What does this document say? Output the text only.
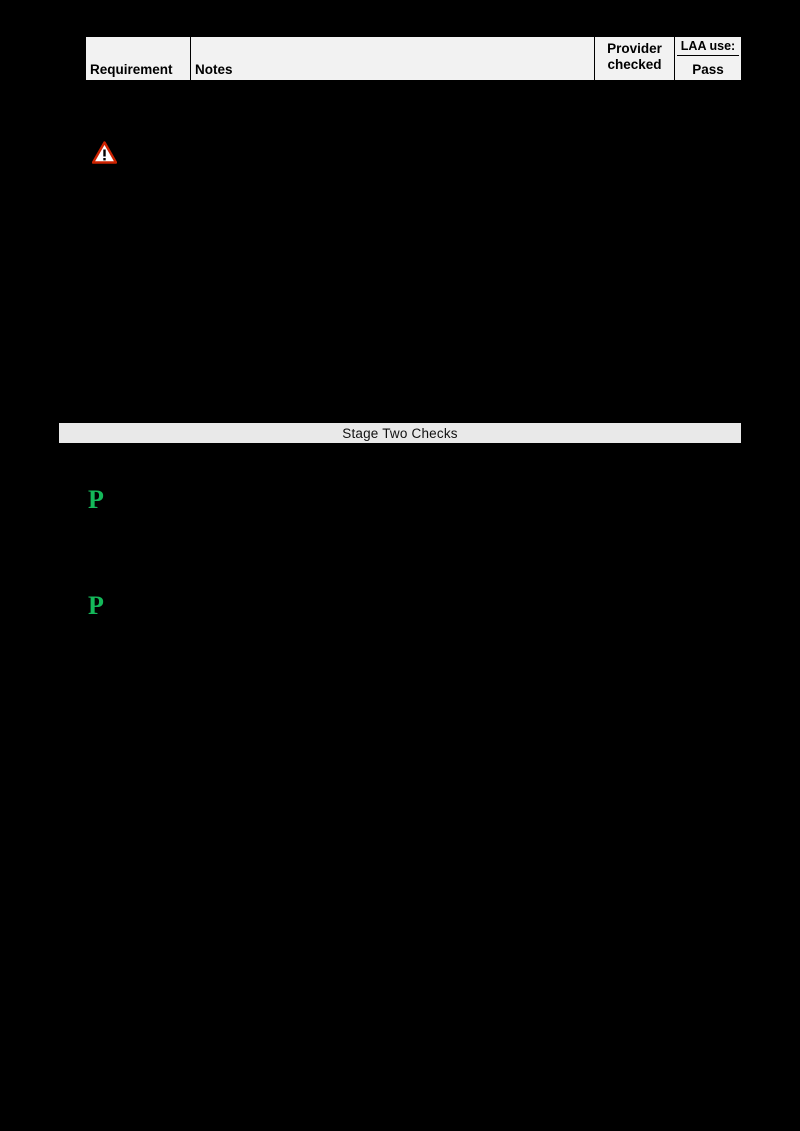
Requirement Notes
Provider
checked
LAA use:
Pass
Stage Two Checks
P
P
